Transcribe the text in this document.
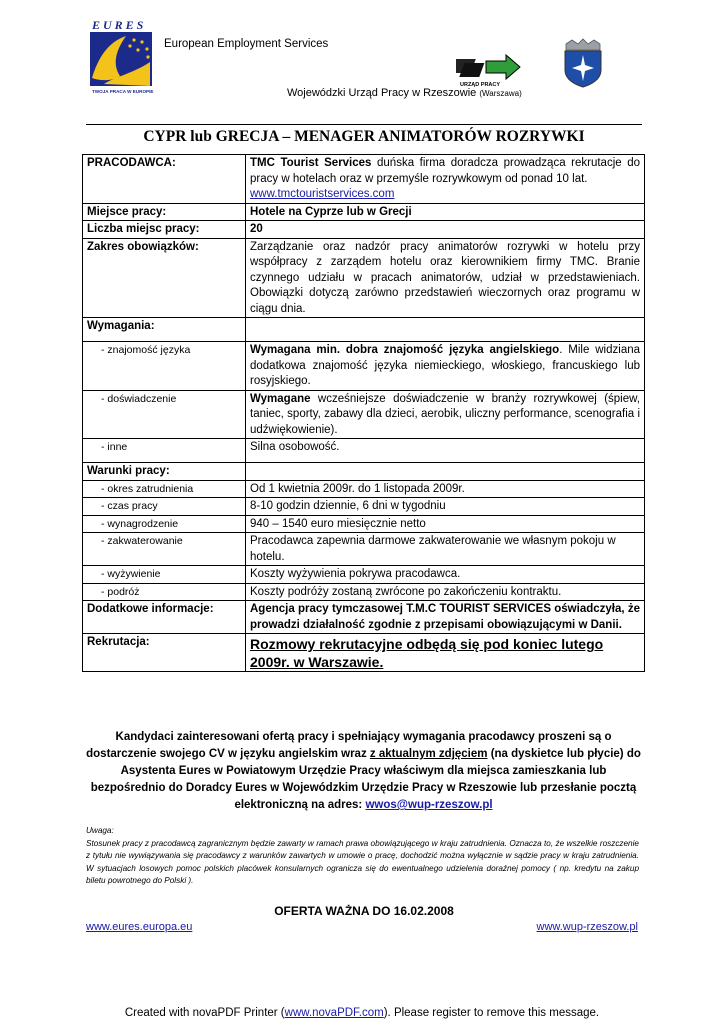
EURES
TWOJA PRACA W EUROPIE
European Employment Services
URZĄD PRACY
Wojewódzki Urząd Pracy w Rzeszowie (Warszawa)
CYPR lub GRECJA – MENAGER ANIMATORÓW ROZRYWKI
PRACODAWCA:	TMC Tourist Services duńska firma doradcza prowadząca rekrutacje do pracy w hotelach oraz w przemyśle rozrywkowym od ponad 10 lat.
www.tmctouristservices.com
Miejsce pracy:	Hotele na Cyprze lub w Grecji
Liczba miejsc pracy:	20
Zakres obowiązków:	Zarządzanie oraz nadzór pracy animatorów rozrywki w hotelu przy współpracy z zarządem hotelu oraz kierownikiem firmy TMC. Branie czynnego udziału w pracach animatorów, udział w przedstawieniach. Obowiązki dotyczą zarówno przedstawień wieczornych oraz programu w ciągu dnia.
Wymagania:	
- znajomość języka	Wymagana min. dobra znajomość języka angielskiego. Mile widziana dodatkowa znajomość języka niemieckiego, włoskiego, francuskiego lub rosyjskiego.
- doświadczenie	Wymagane wcześniejsze doświadczenie w branży rozrywkowej (śpiew, taniec, sporty, zabawy dla dzieci, aerobik, uliczny performance, scenografia i udźwiękowienie).
- inne	Silna osobowość.
Warunki pracy:	
- okres zatrudnienia	Od 1 kwietnia 2009r. do 1 listopada 2009r.
- czas pracy	8-10 godzin dziennie, 6 dni w tygodniu
- wynagrodzenie	940 – 1540 euro miesięcznie netto
- zakwaterowanie	Pracodawca zapewnia darmowe zakwaterowanie we własnym pokoju w hotelu.
- wyżywienie	Koszty wyżywienia pokrywa pracodawca.
- podróż	Koszty podróży zostaną zwrócone po zakończeniu kontraktu.
Dodatkowe informacje:	Agencja pracy tymczasowej T.M.C TOURIST SERVICES oświadczyła, że prowadzi działalność zgodnie z przepisami obowiązującymi w Danii.
Rekrutacja:	Rozmowy rekrutacyjne odbędą się pod koniec lutego 2009r. w Warszawie.
Kandydaci zainteresowani ofertą pracy i spełniający wymagania pracodawcy proszeni są o dostarczenie swojego CV w języku angielskim wraz z aktualnym zdjęciem (na dyskietce lub płycie) do Asystenta Eures w Powiatowym Urzędzie Pracy właściwym dla miejsca zamieszkania lub bezpośrednio do Doradcy Eures w Wojewódzkim Urzędzie Pracy w Rzeszowie lub przesłanie pocztą elektroniczną na adres: wwos@wup-rzeszow.pl
Uwaga:
Stosunek pracy z pracodawcą zagranicznym będzie zawarty w ramach prawa obowiązującego w kraju zatrudnienia. Oznacza to, że wszelkie roszczenie z tytułu nie wywiązywania się pracodawcy z warunków zawartych w umowie o pracę, dochodzić można wyłącznie w sądzie pracy w kraju zatrudnienia. W sytuacjach losowych pomoc polskich placówek konsularnych ogranicza się do ewentualnego udzielenia doraźnej pomocy ( np. kredytu na zakup biletu powrotnego do Polski ).
OFERTA WAŻNA DO 16.02.2008
www.eures.europa.eu	www.wup-rzeszow.pl
Created with novaPDF Printer (www.novaPDF.com). Please register to remove this message.
